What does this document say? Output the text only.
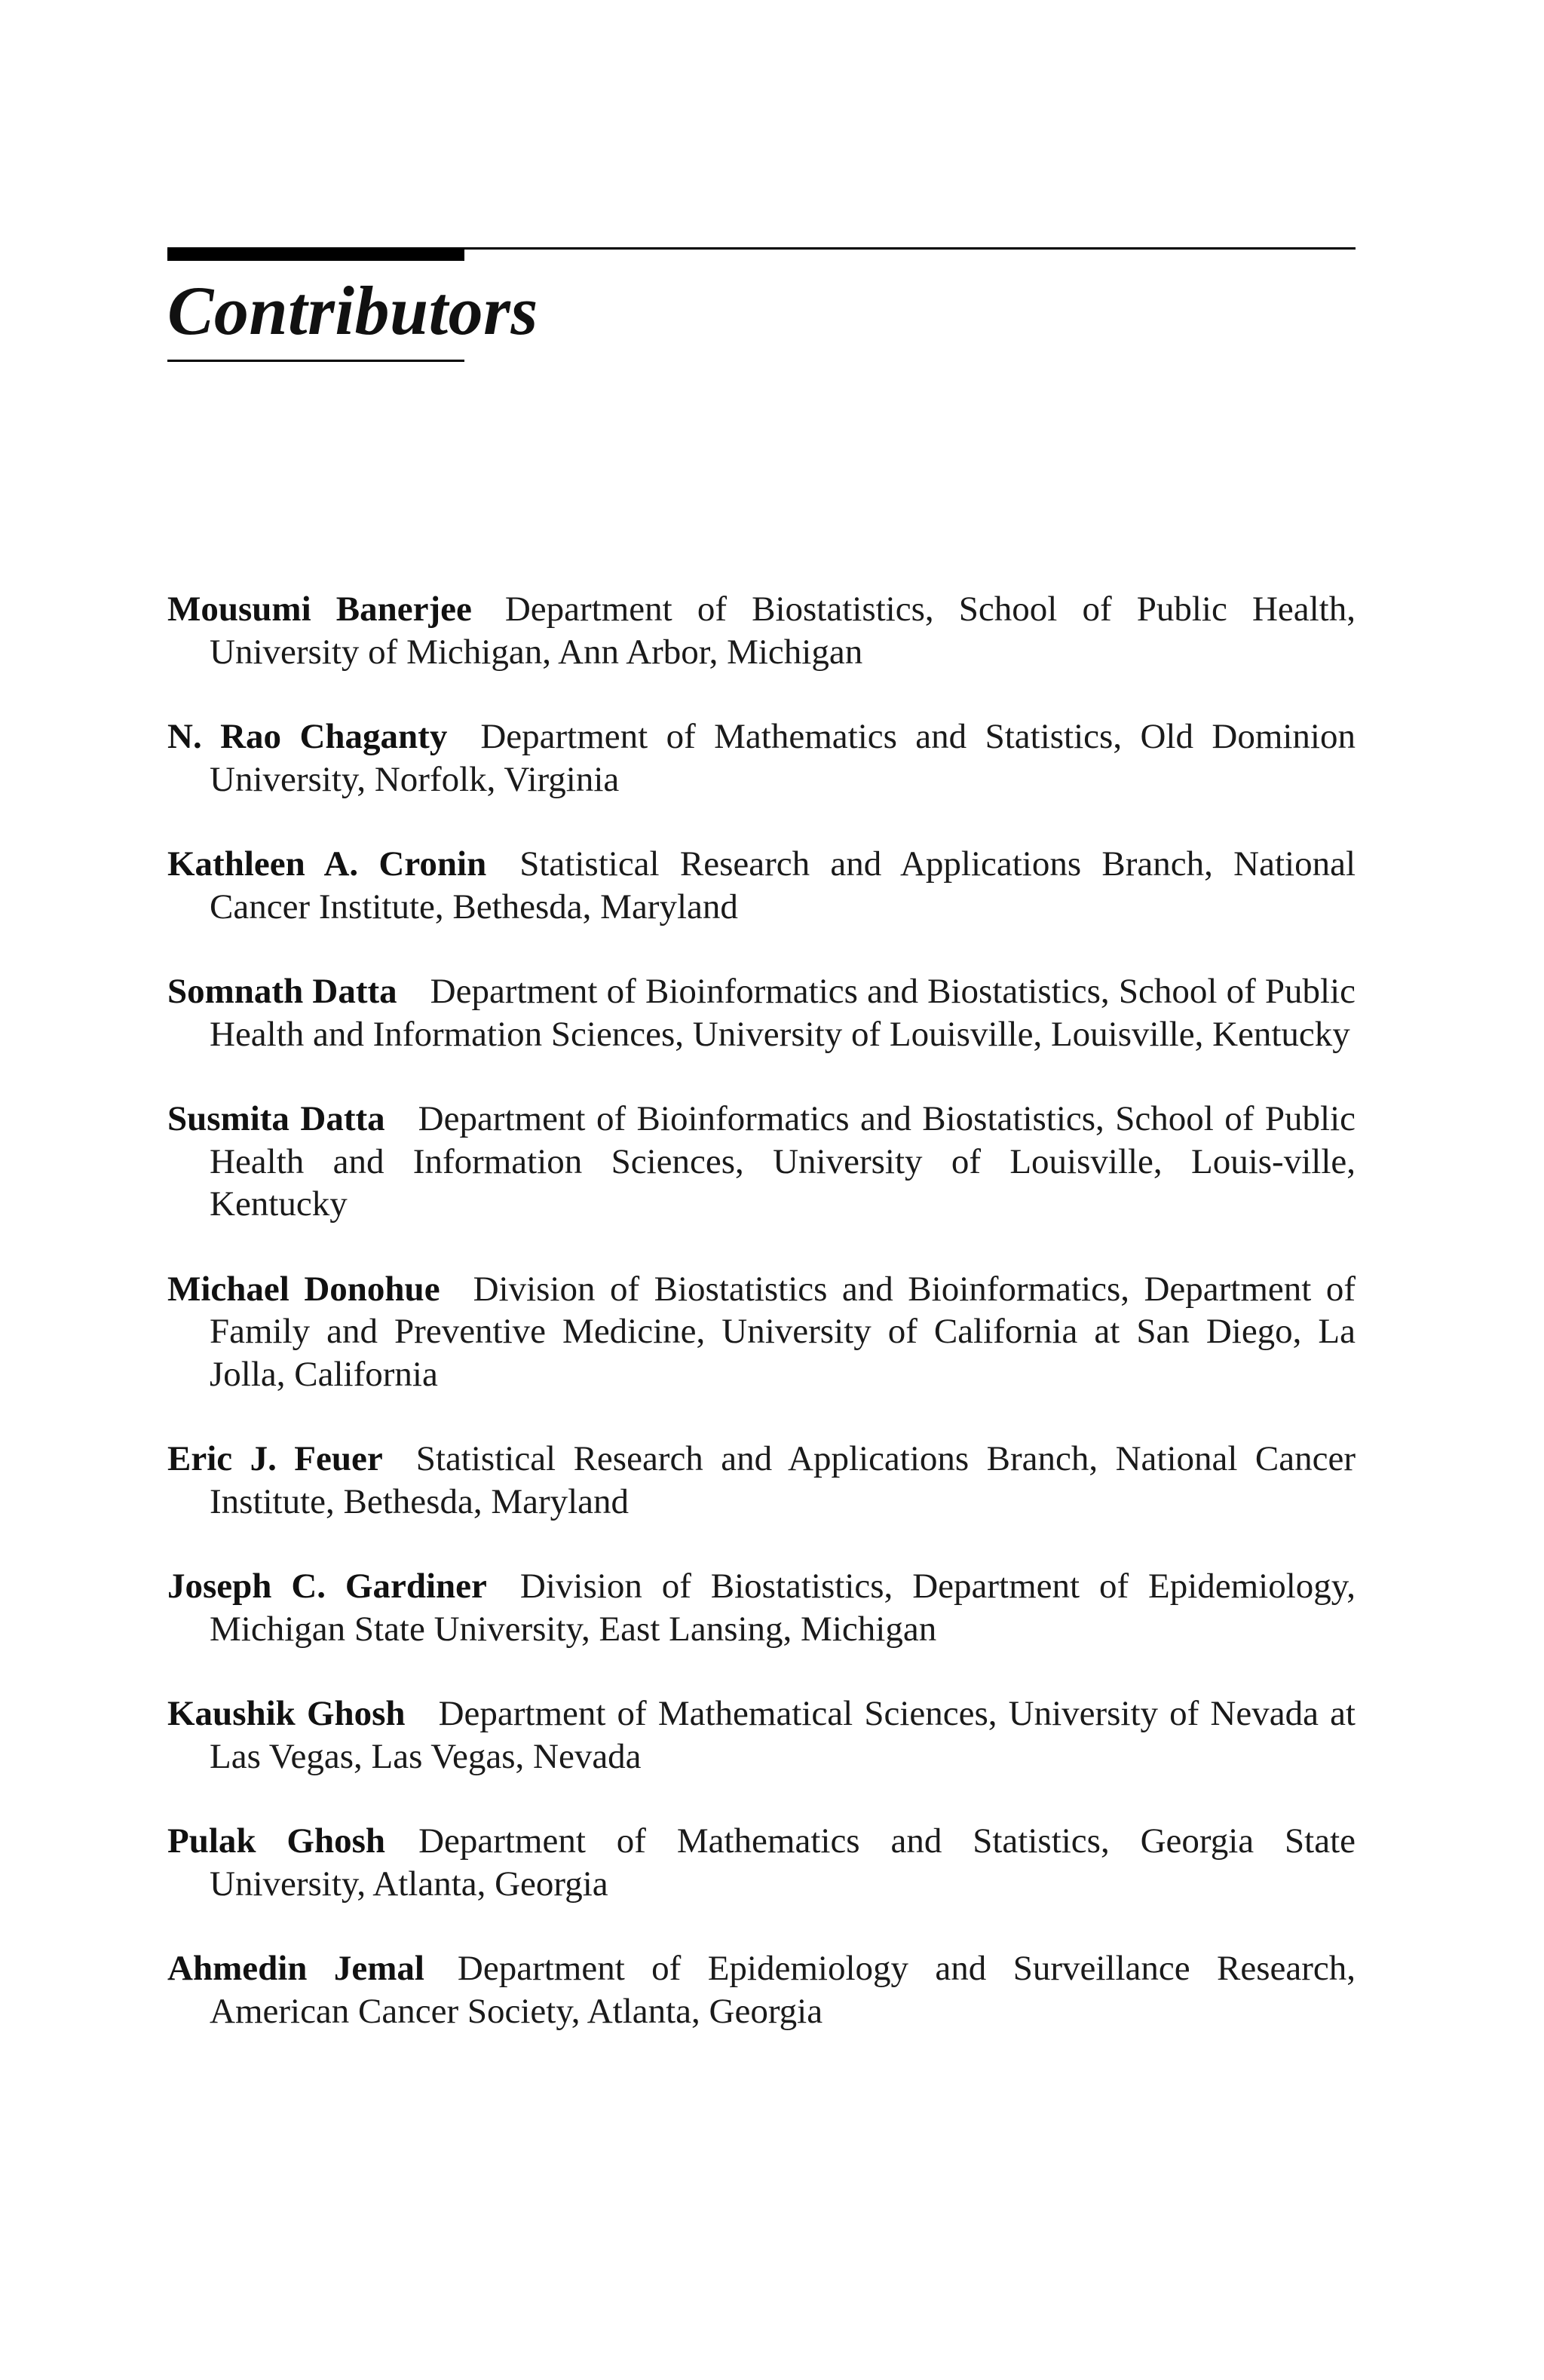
Contributors
Mousumi Banerjee Department of Biostatistics, School of Public Health, University of Michigan, Ann Arbor, Michigan
N. Rao Chaganty Department of Mathematics and Statistics, Old Dominion University, Norfolk, Virginia
Kathleen A. Cronin Statistical Research and Applications Branch, National Cancer Institute, Bethesda, Maryland
Somnath Datta Department of Bioinformatics and Biostatistics, School of Public Health and Information Sciences, University of Louisville, Louisville, Kentucky
Susmita Datta Department of Bioinformatics and Biostatistics, School of Public Health and Information Sciences, University of Louisville, Louis-ville, Kentucky
Michael Donohue Division of Biostatistics and Bioinformatics, Department of Family and Preventive Medicine, University of California at San Diego, La Jolla, California
Eric J. Feuer Statistical Research and Applications Branch, National Cancer Institute, Bethesda, Maryland
Joseph C. Gardiner Division of Biostatistics, Department of Epidemiology, Michigan State University, East Lansing, Michigan
Kaushik Ghosh Department of Mathematical Sciences, University of Nevada at Las Vegas, Las Vegas, Nevada
Pulak Ghosh Department of Mathematics and Statistics, Georgia State University, Atlanta, Georgia
Ahmedin Jemal Department of Epidemiology and Surveillance Research, American Cancer Society, Atlanta, Georgia
